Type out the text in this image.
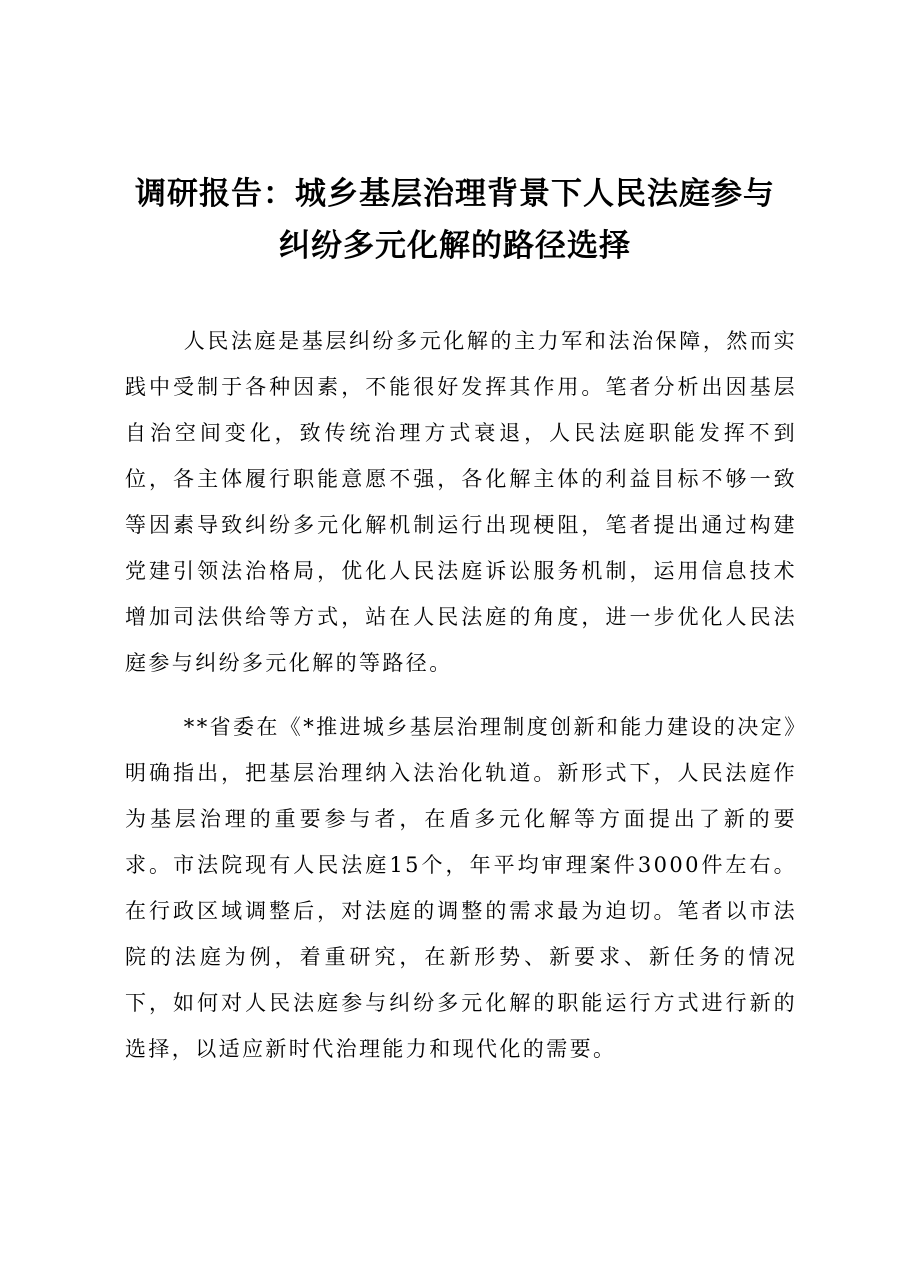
调研报告：城乡基层治理背景下人民法庭参与
纠纷多元化解的路径选择

人民法庭是基层纠纷多元化解的主力军和法治保障，然而实践中受制于各种因素，不能很好发挥其作用。笔者分析出因基层自治空间变化，致传统治理方式衰退，人民法庭职能发挥不到位，各主体履行职能意愿不强，各化解主体的利益目标不够一致等因素导致纠纷多元化解机制运行出现梗阻，笔者提出通过构建党建引领法治格局，优化人民法庭诉讼服务机制，运用信息技术增加司法供给等方式，站在人民法庭的角度，进一步优化人民法庭参与纠纷多元化解的等路径。

**省委在《*推进城乡基层治理制度创新和能力建设的决定》明确指出，把基层治理纳入法治化轨道。新形式下，人民法庭作为基层治理的重要参与者，在盾多元化解等方面提出了新的要求。市法院现有人民法庭15个，年平均审理案件3000件左右。在行政区域调整后，对法庭的调整的需求最为迫切。笔者以市法院的法庭为例，着重研究，在新形势、新要求、新任务的情况下，如何对人民法庭参与纠纷多元化解的职能运行方式进行新的选择，以适应新时代治理能力和现代化的需要。
